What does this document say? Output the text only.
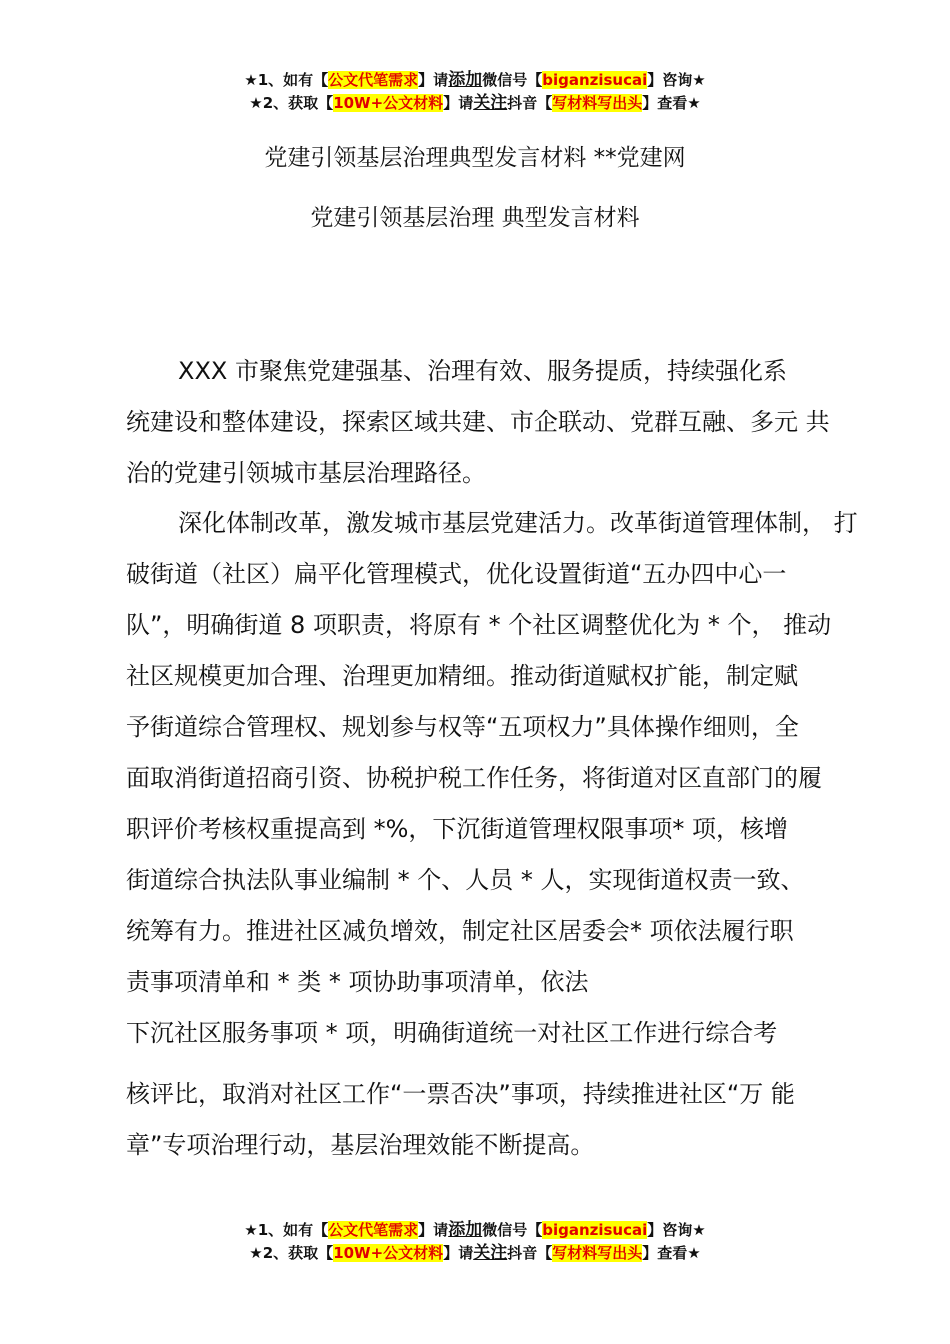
★1、如有【公文代笔需求】请添加微信号【biganzisucai】咨询★
★2、获取【10W+公文材料】请关注抖音【写材料写出头】查看★
党建引领基层治理典型发言材料 **党建网
党建引领基层治理 典型发言材料
XXX 市聚焦党建强基、治理有效、服务提质，持续强化系
统建设和整体建设，探索区域共建、市企联动、党群互融、多元 共
治的党建引领城市基层治理路径。
深化体制改革，激发城市基层党建活力。改革街道管理体制， 打
破街道（社区）扁平化管理模式，优化设置街道“五办四中心一
队”，明确街道 8 项职责，将原有 * 个社区调整优化为 * 个， 推动
社区规模更加合理、治理更加精细。推动街道赋权扩能，制定赋
予街道综合管理权、规划参与权等“五项权力”具体操作细则，全
面取消街道招商引资、协税护税工作任务，将街道对区直部门的履
职评价考核权重提高到 *%，下沉街道管理权限事项* 项，核增
街道综合执法队事业编制 * 个、人员 * 人，实现街道权责一致、
统筹有力。推进社区减负增效，制定社区居委会* 项依法履行职
责事项清单和 * 类 * 项协助事项清单，依法
下沉社区服务事项 * 项，明确街道统一对社区工作进行综合考
核评比，取消对社区工作“一票否决”事项，持续推进社区“万 能
章”专项治理行动，基层治理效能不断提高。
★1、如有【公文代笔需求】请添加微信号【biganzisucai】咨询★
★2、获取【10W+公文材料】请关注抖音【写材料写出头】查看★
